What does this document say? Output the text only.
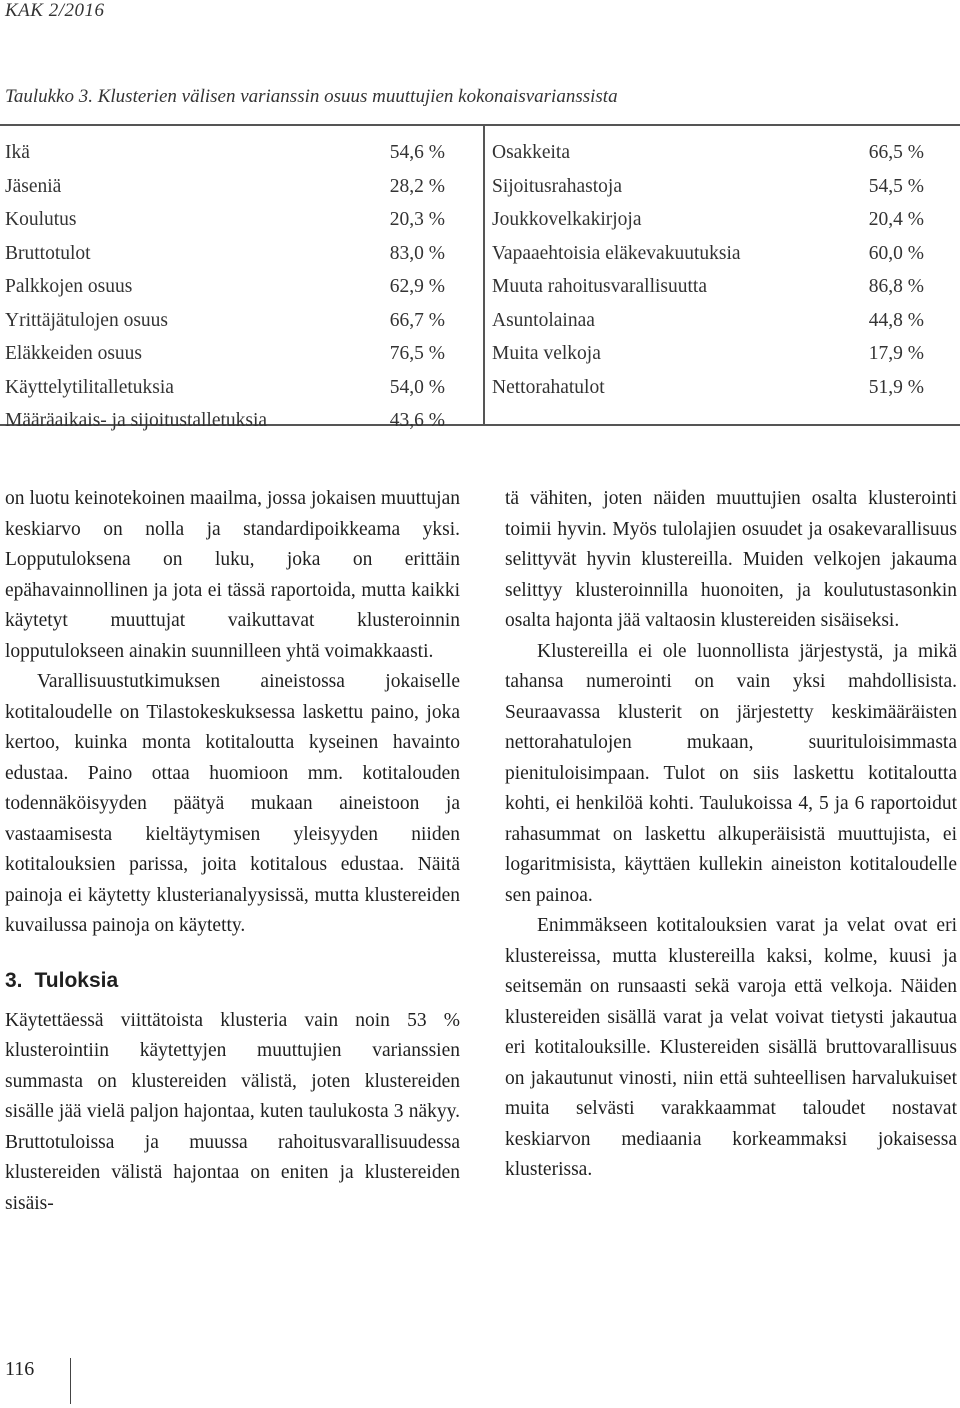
KAK 2/2016
Taulukko 3. Klusterien välisen varianssin osuus muuttujien kokonaisvarianssista
Ikä	54,6 %
Jäseniä	28,2 %
Koulutus	20,3 %
Bruttotulot	83,0 %
Palkkojen osuus	62,9 %
Yrittäjätulojen osuus	66,7 %
Eläkkeiden osuus	76,5 %
Käyttelytilitalletuksia	54,0 %
Määräaikais- ja sijoitustalletuksia	43,6 %
Osakkeita	66,5 %
Sijoitusrahastoja	54,5 %
Joukkovelkakirjoja	20,4 %
Vapaaehtoisia eläkevakuutuksia	60,0 %
Muuta rahoitusvarallisuutta	86,8 %
Asuntolainaa	44,8 %
Muita velkoja	17,9 %
Nettorahatulot	51,9 %

on luotu keinotekoinen maailma, jossa jokaisen muuttujan keskiarvo on nolla ja standardipoikkeama yksi. Lopputuloksena on luku, joka on erittäin epähavainnollinen ja jota ei tässä raportoida, mutta kaikki käytetyt muuttujat vaikuttavat klusteroinnin lopputulokseen ainakin suunnilleen yhtä voimakkaasti.

Varallisuustutkimuksen aineistossa jokaiselle kotitaloudelle on Tilastokeskuksessa laskettu paino, joka kertoo, kuinka monta kotitaloutta kyseinen havainto edustaa. Paino ottaa huomioon mm. kotitalouden todennäköisyyden päätyä mukaan aineistoon ja vastaamisesta kieltäytymisen yleisyyden niiden kotitalouksien parissa, joita kotitalous edustaa. Näitä painoja ei käytetty klusterianalyysissä, mutta klustereiden kuvailussa painoja on käytetty.

3. Tuloksia

Käytettäessä viittätoista klusteria vain noin 53 % klusterointiin käytettyjen muuttujien varianssien summasta on klustereiden välistä, joten klustereiden sisälle jää vielä paljon hajontaa, kuten taulukosta 3 näkyy. Bruttotuloissa ja muussa rahoitusvarallisuudessa klustereiden välistä hajontaa on eniten ja klustereiden sisäis-

tä vähiten, joten näiden muuttujien osalta klusterointi toimii hyvin. Myös tulolajien osuudet ja osakevarallisuus selittyvät hyvin klustereilla. Muiden velkojen jakauma selittyy klusteroinnilla huonoiten, ja koulutustasonkin osalta hajonta jää valtaosin klustereiden sisäiseksi.

Klustereilla ei ole luonnollista järjestystä, ja mikä tahansa numerointi on vain yksi mahdollisista. Seuraavassa klusterit on järjestetty keskimääräisten nettorahatulojen mukaan, suurituloisimmasta pienituloisimpaan. Tulot on siis laskettu kotitaloutta kohti, ei henkilöä kohti. Taulukoissa 4, 5 ja 6 raportoidut rahasummat on laskettu alkuperäisistä muuttujista, ei logaritmisista, käyttäen kullekin aineiston kotitaloudelle sen painoa.

Enimmäkseen kotitalouksien varat ja velat ovat eri klustereissa, mutta klustereilla kaksi, kolme, kuusi ja seitsemän on runsaasti sekä varoja että velkoja. Näiden klustereiden sisällä varat ja velat voivat tietysti jakautua eri kotitalouksille. Klustereiden sisällä bruttovarallisuus on jakautunut vinosti, niin että suhteellisen harvalukuiset muita selvästi varakkaammat taloudet nostavat keskiarvon mediaania korkeammaksi jokaisessa klusterissa.

116
